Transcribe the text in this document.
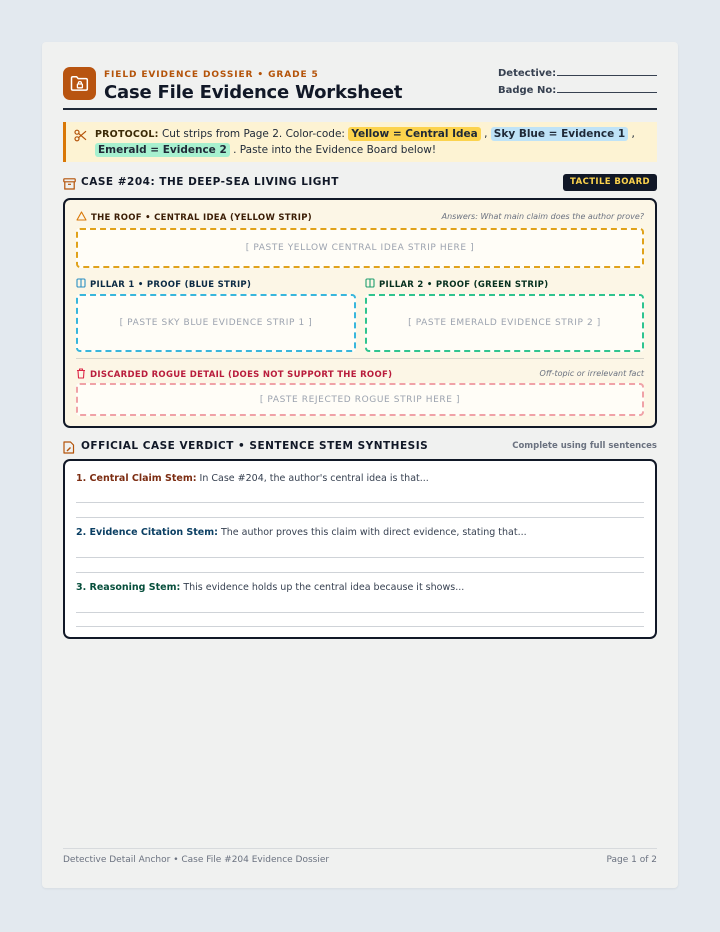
FIELD EVIDENCE DOSSIER • GRADE 5
Case File Evidence Worksheet
Detective:
Badge No:
PROTOCOL: Cut strips from Page 2. Color-code: Yellow = Central Idea , Sky Blue = Evidence 1 , Emerald = Evidence 2 . Paste into the Evidence Board below!
CASE #204: THE DEEP-SEA LIVING LIGHT	TACTILE BOARD
THE ROOF • CENTRAL IDEA (YELLOW STRIP)	Answers: What main claim does the author prove?
[ PASTE YELLOW CENTRAL IDEA STRIP HERE ]
PILLAR 1 • PROOF (BLUE STRIP)
[ PASTE SKY BLUE EVIDENCE STRIP 1 ]
PILLAR 2 • PROOF (GREEN STRIP)
[ PASTE EMERALD EVIDENCE STRIP 2 ]
DISCARDED ROGUE DETAIL (DOES NOT SUPPORT THE ROOF)	Off-topic or irrelevant fact
[ PASTE REJECTED ROGUE STRIP HERE ]
OFFICIAL CASE VERDICT • SENTENCE STEM SYNTHESIS	Complete using full sentences
1. Central Claim Stem: In Case #204, the author's central idea is that...
2. Evidence Citation Stem: The author proves this claim with direct evidence, stating that...
3. Reasoning Stem: This evidence holds up the central idea because it shows...
Detective Detail Anchor • Case File #204 Evidence Dossier	Page 1 of 2
